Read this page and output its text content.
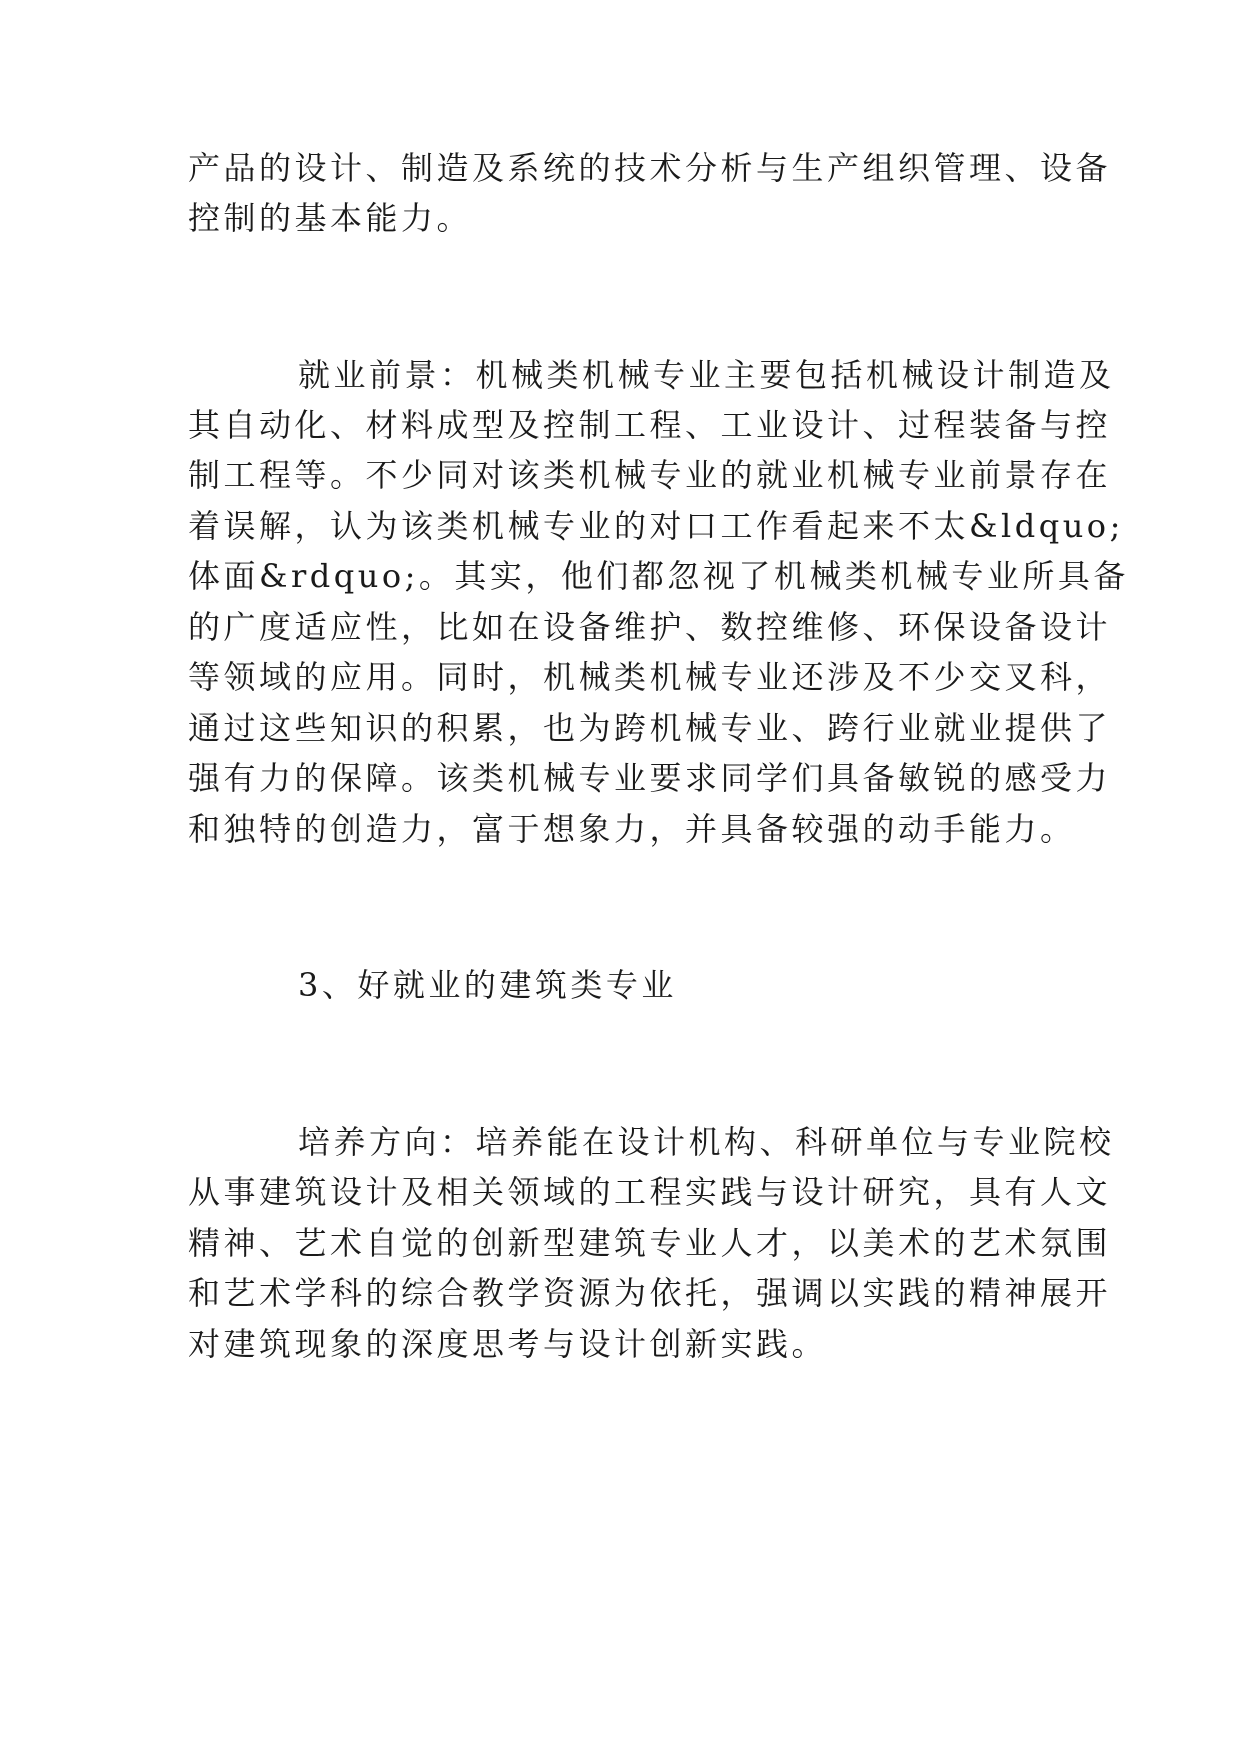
产品的设计、制造及系统的技术分析与生产组织管理、设备
控制的基本能力。
就业前景：机械类机械专业主要包括机械设计制造及
其自动化、材料成型及控制工程、工业设计、过程装备与控
制工程等。不少同对该类机械专业的就业机械专业前景存在
着误解，认为该类机械专业的对口工作看起来不太&ldquo;
体面&rdquo;。其实，他们都忽视了机械类机械专业所具备
的广度适应性，比如在设备维护、数控维修、环保设备设计
等领域的应用。同时，机械类机械专业还涉及不少交叉科，
通过这些知识的积累，也为跨机械专业、跨行业就业提供了
强有力的保障。该类机械专业要求同学们具备敏锐的感受力
和独特的创造力，富于想象力，并具备较强的动手能力。
3、好就业的建筑类专业
培养方向：培养能在设计机构、科研单位与专业院校
从事建筑设计及相关领域的工程实践与设计研究，具有人文
精神、艺术自觉的创新型建筑专业人才，以美术的艺术氛围
和艺术学科的综合教学资源为依托，强调以实践的精神展开
对建筑现象的深度思考与设计创新实践。
